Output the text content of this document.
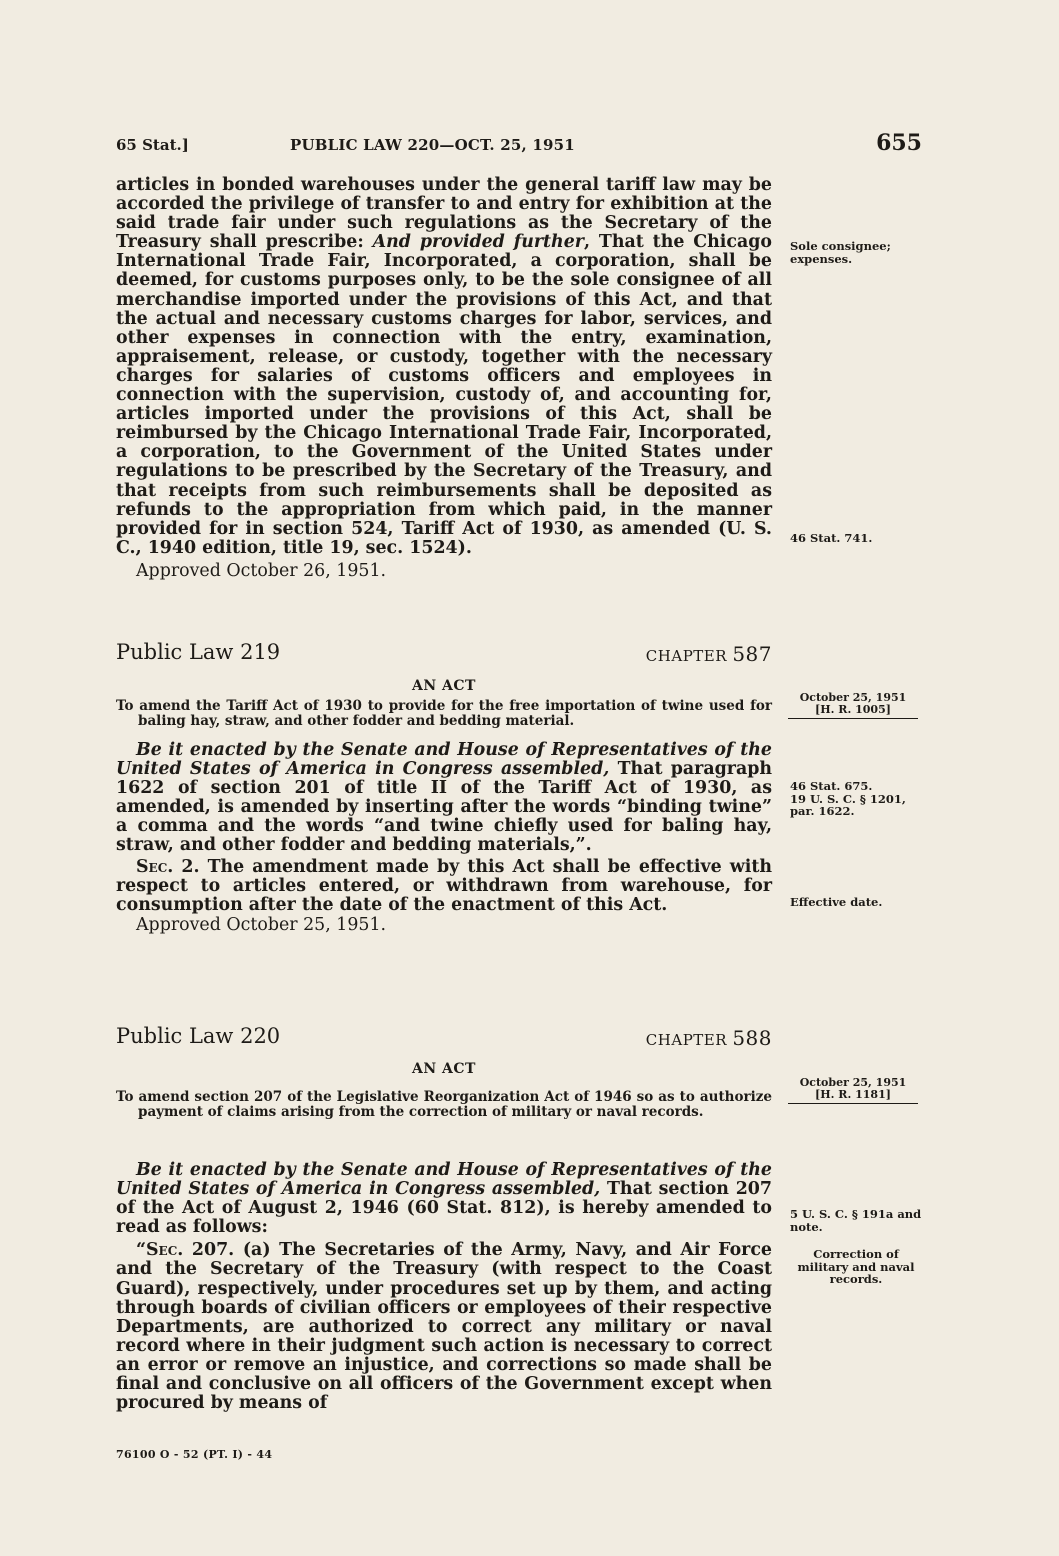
65 Stat.]	PUBLIC LAW 220—OCT. 25, 1951	655

articles in bonded warehouses under the general tariff law may be accorded the privilege of transfer to and entry for exhibition at the said trade fair under such regulations as the Secretary of the Treasury shall prescribe: And provided further, That the Chicago International Trade Fair, Incorporated, a corporation, shall be deemed, for customs purposes only, to be the sole consignee of all merchandise imported under the provisions of this Act, and that the actual and necessary customs charges for labor, services, and other expenses in connection with the entry, examination, appraisement, release, or custody, together with the necessary charges for salaries of customs officers and employees in connection with the supervision, custody of, and accounting for, articles imported under the provisions of this Act, shall be reimbursed by the Chicago International Trade Fair, Incorporated, a corporation, to the Government of the United States under regulations to be prescribed by the Secretary of the Treasury, and that receipts from such reimbursements shall be deposited as refunds to the appropriation from which paid, in the manner provided for in section 524, Tariff Act of 1930, as amended (U. S. C., 1940 edition, title 19, sec. 1524).

Approved October 26, 1951.

Public Law 219	CHAPTER 587
AN ACT
To amend the Tariff Act of 1930 to provide for the free importation of twine used for baling hay, straw, and other fodder and bedding material.

Be it enacted by the Senate and House of Representatives of the United States of America in Congress assembled, That paragraph 1622 of section 201 of title II of the Tariff Act of 1930, as amended, is amended by inserting after the words “binding twine” a comma and the words “and twine chiefly used for baling hay, straw, and other fodder and bedding materials,”.

Sec. 2. The amendment made by this Act shall be effective with respect to articles entered, or withdrawn from warehouse, for consumption after the date of the enactment of this Act.

Approved October 25, 1951.

Public Law 220	CHAPTER 588
AN ACT
To amend section 207 of the Legislative Reorganization Act of 1946 so as to authorize payment of claims arising from the correction of military or naval records.

Be it enacted by the Senate and House of Representatives of the United States of America in Congress assembled, That section 207 of the Act of August 2, 1946 (60 Stat. 812), is hereby amended to read as follows:

“Sec. 207. (a) The Secretaries of the Army, Navy, and Air Force and the Secretary of the Treasury (with respect to the Coast Guard), respectively, under procedures set up by them, and acting through boards of civilian officers or employees of their respective Departments, are authorized to correct any military or naval record where in their judgment such action is necessary to correct an error or remove an injustice, and corrections so made shall be final and conclusive on all officers of the Government except when procured by means of

Sole consignee; expenses.
46 Stat. 741.
October 25, 1951
[H. R. 1005]
46 Stat. 675.
19 U. S. C. § 1201,
par. 1622.
Effective date.
October 25, 1951
[H. R. 1181]
5 U. S. C. § 191a and note.
Correction of military and naval records.
76100 O - 52 (PT. I) - 44
